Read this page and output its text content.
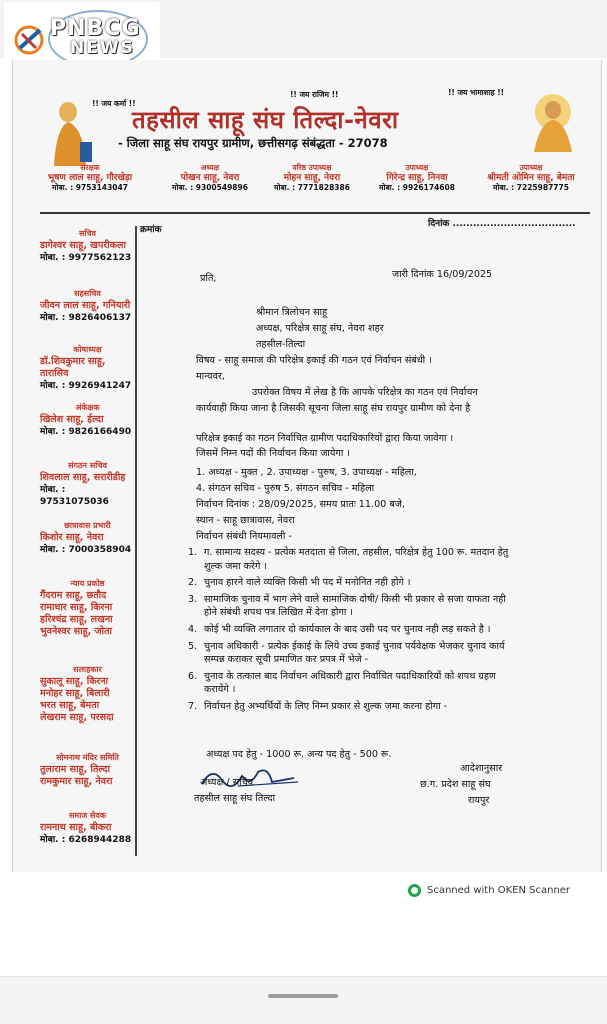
PNBCG
NEWS
!! जय कर्मा !!
!! जय राजिम !!	!! जय भामाशाह !!
तहसील साहू संघ तिल्दा-नेवरा
- जिला साहू संघ रायपुर ग्रामीण, छत्तीसगढ़ संबंद्धता - 27078
संरक्षक
भूषण लाल साहू, गौरखेड़ा
मोबा. : 9753143047
अध्यक्ष
पोखन साहू, नेवरा
मोबा. : 9300549896
वरिष्ठ उपाध्यक्ष
मोहन साहू, नेवरा
मोबा. : 7771828386
उपाध्यक्ष
गिरेन्द्र साहू, निनवा
मोबा. : 9926174608
उपाध्यक्ष
श्रीमती ओमिन साहू, बेमता
मोबा. : 7225987775
सचिव
डागेश्वर साहू, खपरीकला
मोबा. : 9977562123
सहसचिव
जीवन लाल साहू, गनियारी
मोबा. : 9826406137
कोषाध्यक्ष
डॉ.शिवकुमार साहू, तारासिव
मोबा. : 9926941247
अंकेक्षक
खिलेश साहू, ईल्दा
मोबा. : 9826166490
संगठन सचिव
शिवलाल साहू, सरारीडीह
मोबा. : 97531075036
छात्रावास प्रभारी
किशोर साहू, नेवरा
मोबा. : 7000358904
न्याय प्रकोष्ठ
गैंदराम साहू, छतौद
रामाधार साहू, किरना
हरिश्चंद्र साहू, लखना
भुवनेश्वर साहू, जोता
सलाहकार
सुकालू साहू, किरना
मनोहर साहू, बिलारी
भरत साहू, बेमता
लेखराम साहू, परसदा
सोमनाथ मंदिर समिति
तुलाराम साहू, तिल्दा
रामकुमार साहू, नेवरा
समाज सेवक
रामनाथ साहू, बीकरा
मोबा. : 6268944288
क्रमांक
दिनांक ....................................
प्रति,	जारी दिनांक 16/09/2025
श्रीमान त्रिलोचन साहू
अध्यक्ष, परिक्षेत्र साहू संघ, नेवरा शहर
तहसील-तिल्दा
विषय - साहू समाज की परिक्षेत्र इकाई की गठन एवं निर्वाचन संबंधी ।
मान्यवर,
उपरोक्त विषय में लेख है कि आपके परिक्षेत्र का गठन एवं निर्वाचन
कार्यवाही किया जाना है जिसकी सूचना जिला साहू संघ रायपुर ग्रामीण को देना है
परिक्षेत्र इकाई का गठन निर्वाचित ग्रामीण पदाधिकारियों द्वारा किया जावेगा ।
जिसमें निम्न पदों की निर्वाचन किया जायेगा ।
1. अध्यक्ष - मुक्त , 2. उपाध्यक्ष - पुरुष, 3. उपाध्यक्ष - महिला,
4. संगठन सचिव - पुरुष 5. संगठन सचिव - महिला
निर्वाचन दिनांक : 28/09/2025, समय प्रातः 11.00 बजे,
स्थान - साहू छात्रावास, नेवरा
निर्वाचन संबंधी नियमावली -
1. ग. सामान्य सदस्य - प्रत्येक मतदाता से जिला, तहसील, परिक्षेत्र हेतु 100 रू. मतदान हेतु शुल्क जमा करेगे ।
2. चुनाव हारने वाले व्यक्ति किसी भी पद में मनोनित नही होगे ।
3. सामाजिक चुनाव में भाग लेने वाले सामाजिक दोषी/ किसी भी प्रकार से सजा याफता नही होने संबंधी शपथ पत्र लिखित में देना होगा ।
4. कोई भी व्यक्ति लगातार दो कार्यकाल के बाद उसी पद पर चुनाव नही लड़ सकते है ।
5. चुनाव अधिकारी - प्रत्येक ईकाई के लिये उच्च इकाई चुनाव पर्यवेक्षक भेजकर चुनाव कार्य सम्पन्न कराकर सूची प्रमाणित कर प्रपत्र में भेजे -
6. चुनाव के तत्काल बाद निर्वाचन अधिकारी द्वारा निर्वाचित पदाधिकारियों को शपथ ग्रहण करायेंगे ।
7. निर्वाचन हेतु अभ्यर्थियों के लिए निम्न प्रकार से शुल्क जमा करना होगा -
अध्यक्ष पद हेतु - 1000 रू. अन्य पद हेतु - 500 रू.
आदेशानुसार
अध्यक्ष / सचिव
तहसील साहू संघ तिल्दा
छ.ग. प्रदेश साहू संघ
रायपुर
Scanned with OKEN Scanner
